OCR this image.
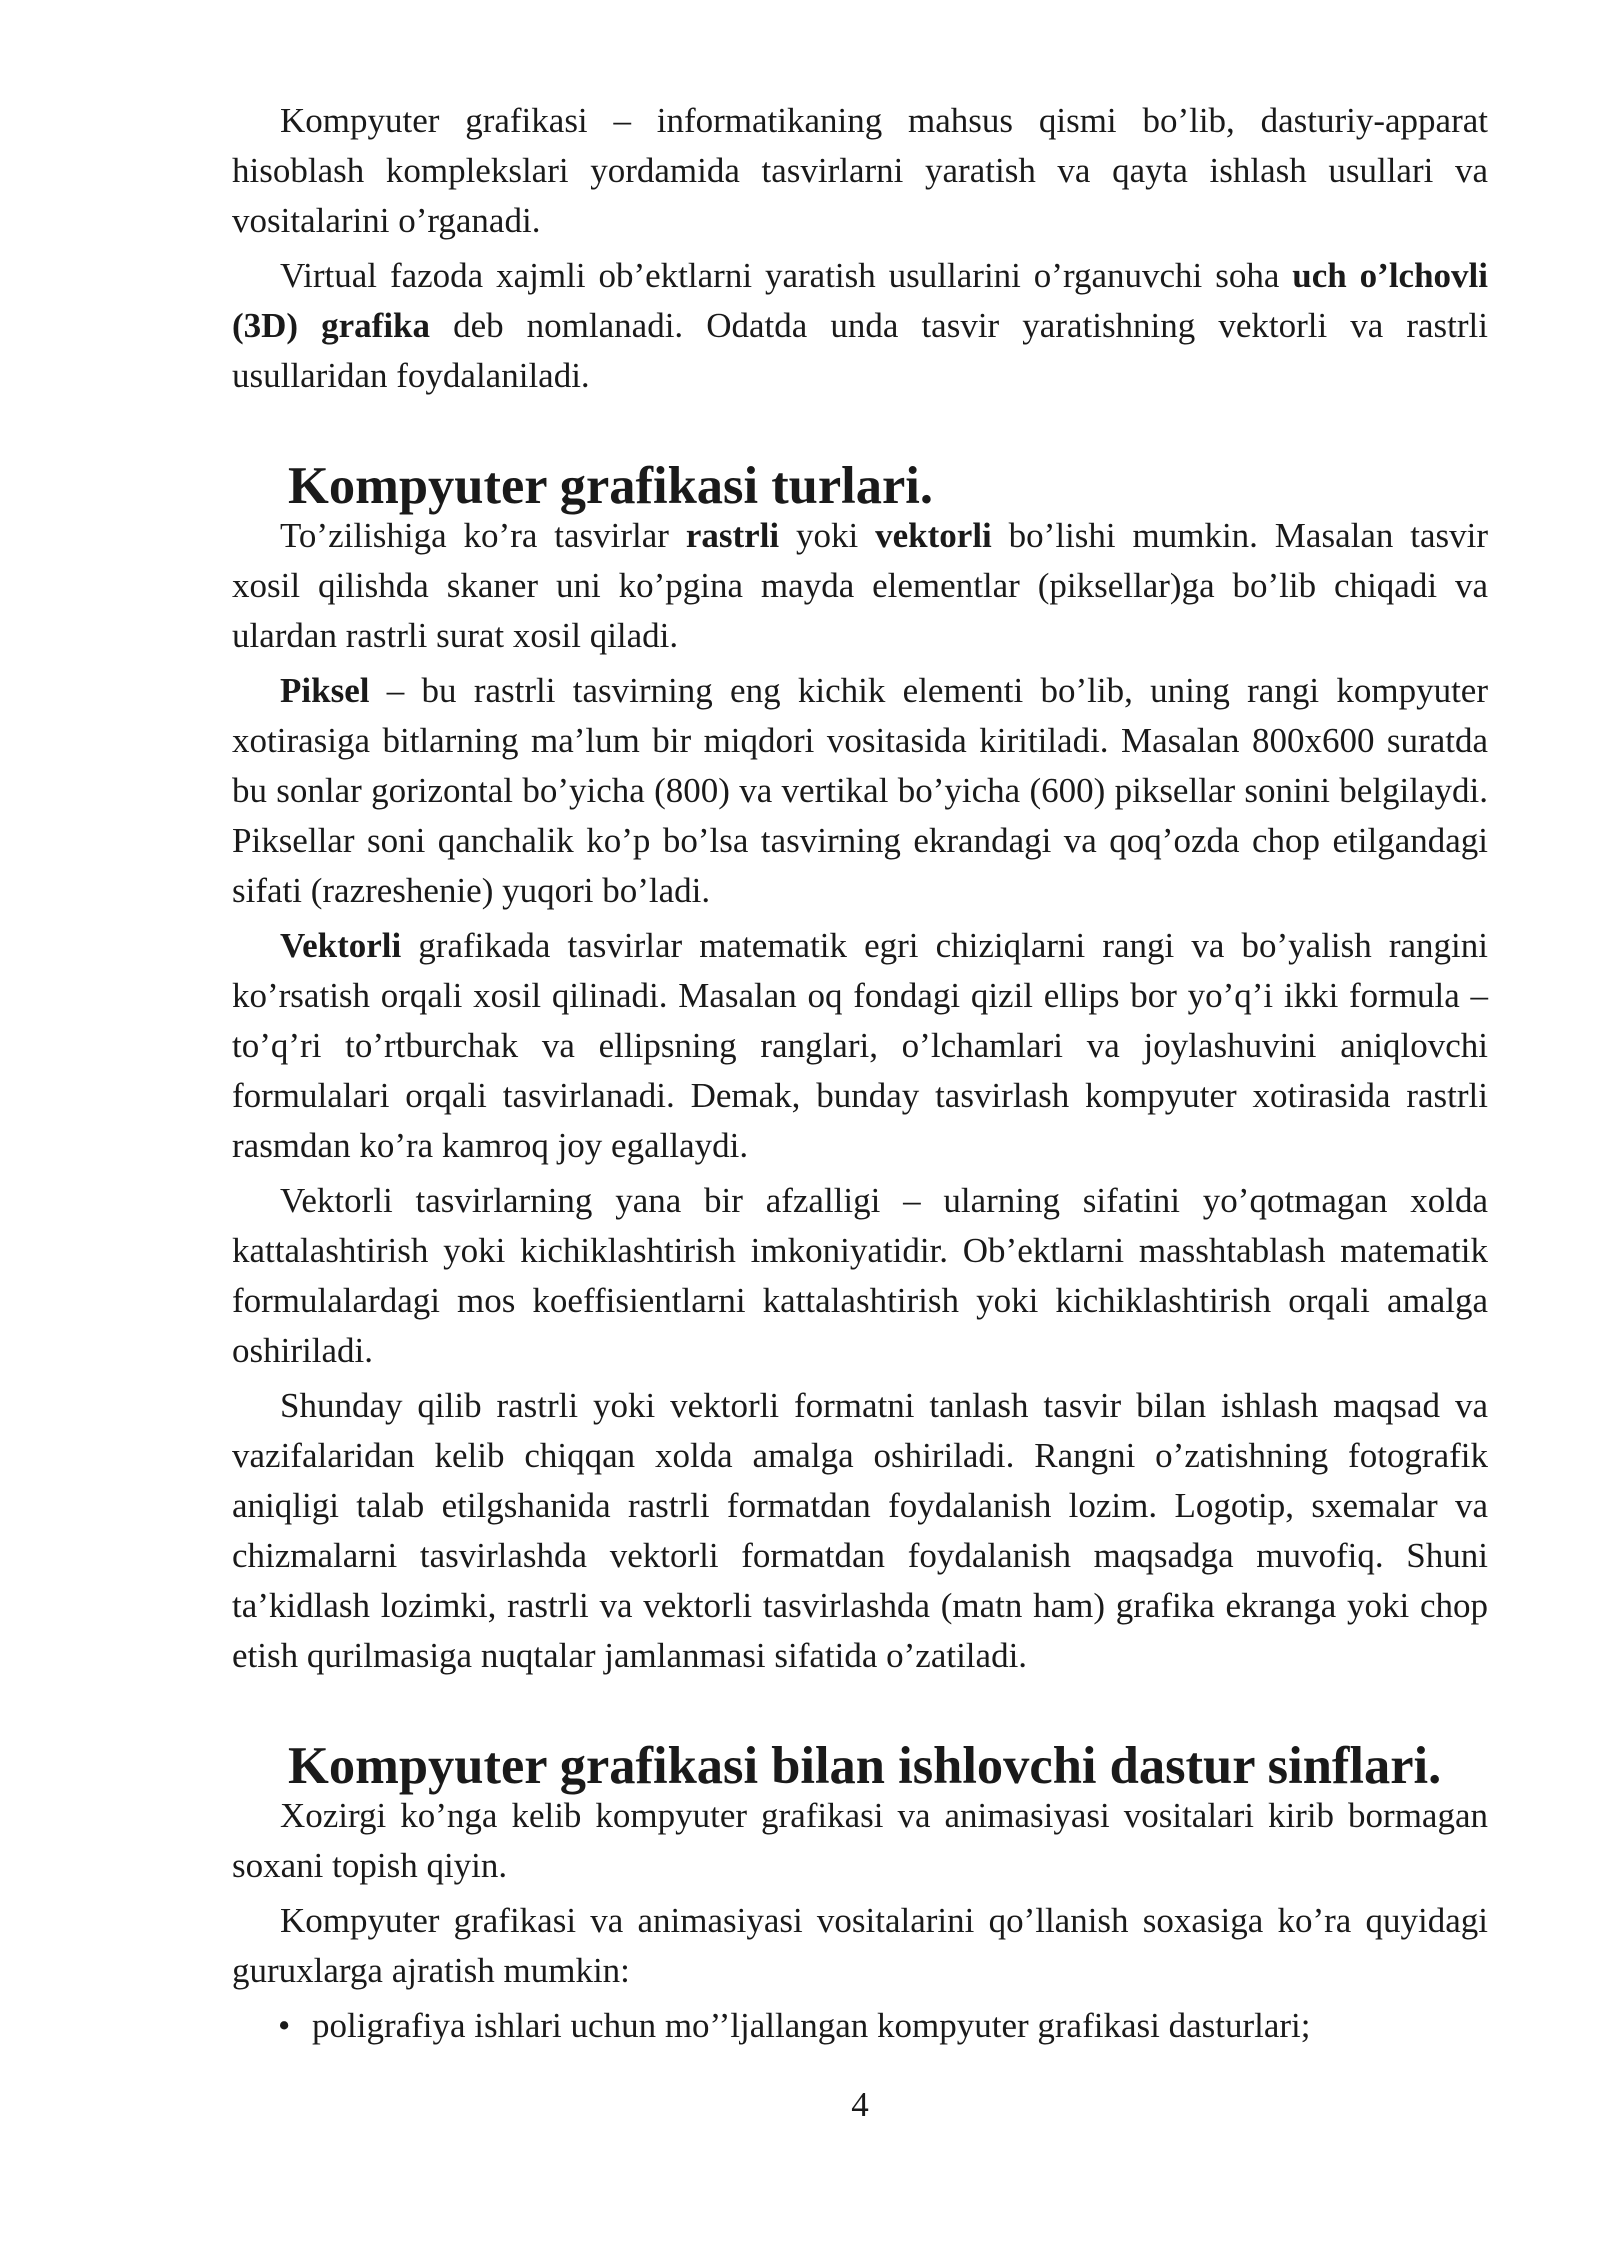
Kompyuter grafikasi – informatikaning mahsus qismi bo’lib, dasturiy-apparat hisoblash komplekslari yordamida tasvirlarni yaratish va qayta ishlash usullari va vositalarini o’rganadi.

Virtual fazoda xajmli ob’ektlarni yaratish usullarini o’rganuvchi soha uch o’lchovli (3D) grafika deb nomlanadi. Odatda unda tasvir yaratishning vektorli va rastrli usullaridan foydalaniladi.

Kompyuter grafikasi turlari.

To’zilishiga ko’ra tasvirlar rastrli yoki vektorli bo’lishi mumkin. Masalan tasvir xosil qilishda skaner uni ko’pgina mayda elementlar (piksellar)ga bo’lib chiqadi va ulardan rastrli surat xosil qiladi.

Piksel – bu rastrli tasvirning eng kichik elementi bo’lib, uning rangi kompyuter xotirasiga bitlarning ma’lum bir miqdori vositasida kiritiladi. Masalan 800x600 suratda bu sonlar gorizontal bo’yicha (800) va vertikal bo’yicha (600) piksellar sonini belgilaydi. Piksellar soni qanchalik ko’p bo’lsa tasvirning ekrandagi va qoq’ozda chop etilgandagi sifati (razreshenie) yuqori bo’ladi.

Vektorli grafikada tasvirlar matematik egri chiziqlarni rangi va bo’yalish rangini ko’rsatish orqali xosil qilinadi. Masalan oq fondagi qizil ellips bor yo’q’i ikki formula – to’q’ri to’rtburchak va ellipsning ranglari, o’lchamlari va joylashuvini aniqlovchi formulalari orqali tasvirlanadi. Demak, bunday tasvirlash kompyuter xotirasida rastrli rasmdan ko’ra kamroq joy egallaydi.

Vektorli tasvirlarning yana bir afzalligi – ularning sifatini yo’qotmagan xolda kattalashtirish yoki kichiklashtirish imkoniyatidir. Ob’ektlarni masshtablash matematik formulalardagi mos koeffisientlarni kattalashtirish yoki kichiklashtirish orqali amalga oshiriladi.

Shunday qilib rastrli yoki vektorli formatni tanlash tasvir bilan ishlash maqsad va vazifalaridan kelib chiqqan xolda amalga oshiriladi. Rangni o’zatishning fotografik aniqligi talab etilgshanida rastrli formatdan foydalanish lozim. Logotip, sxemalar va chizmalarni tasvirlashda vektorli formatdan foydalanish maqsadga muvofiq. Shuni ta’kidlash lozimki, rastrli va vektorli tasvirlashda (matn ham) grafika ekranga yoki chop etish qurilmasiga nuqtalar jamlanmasi sifatida o’zatiladi.

Kompyuter grafikasi bilan ishlovchi dastur sinflari.

Xozirgi ko’nga kelib kompyuter grafikasi va animasiyasi vositalari kirib bormagan soxani topish qiyin.

Kompyuter grafikasi va animasiyasi vositalarini qo’llanish soxasiga ko’ra quyidagi guruxlarga ajratish mumkin:

• poligrafiya ishlari uchun mo’’ljallangan kompyuter grafikasi dasturlari;
4
